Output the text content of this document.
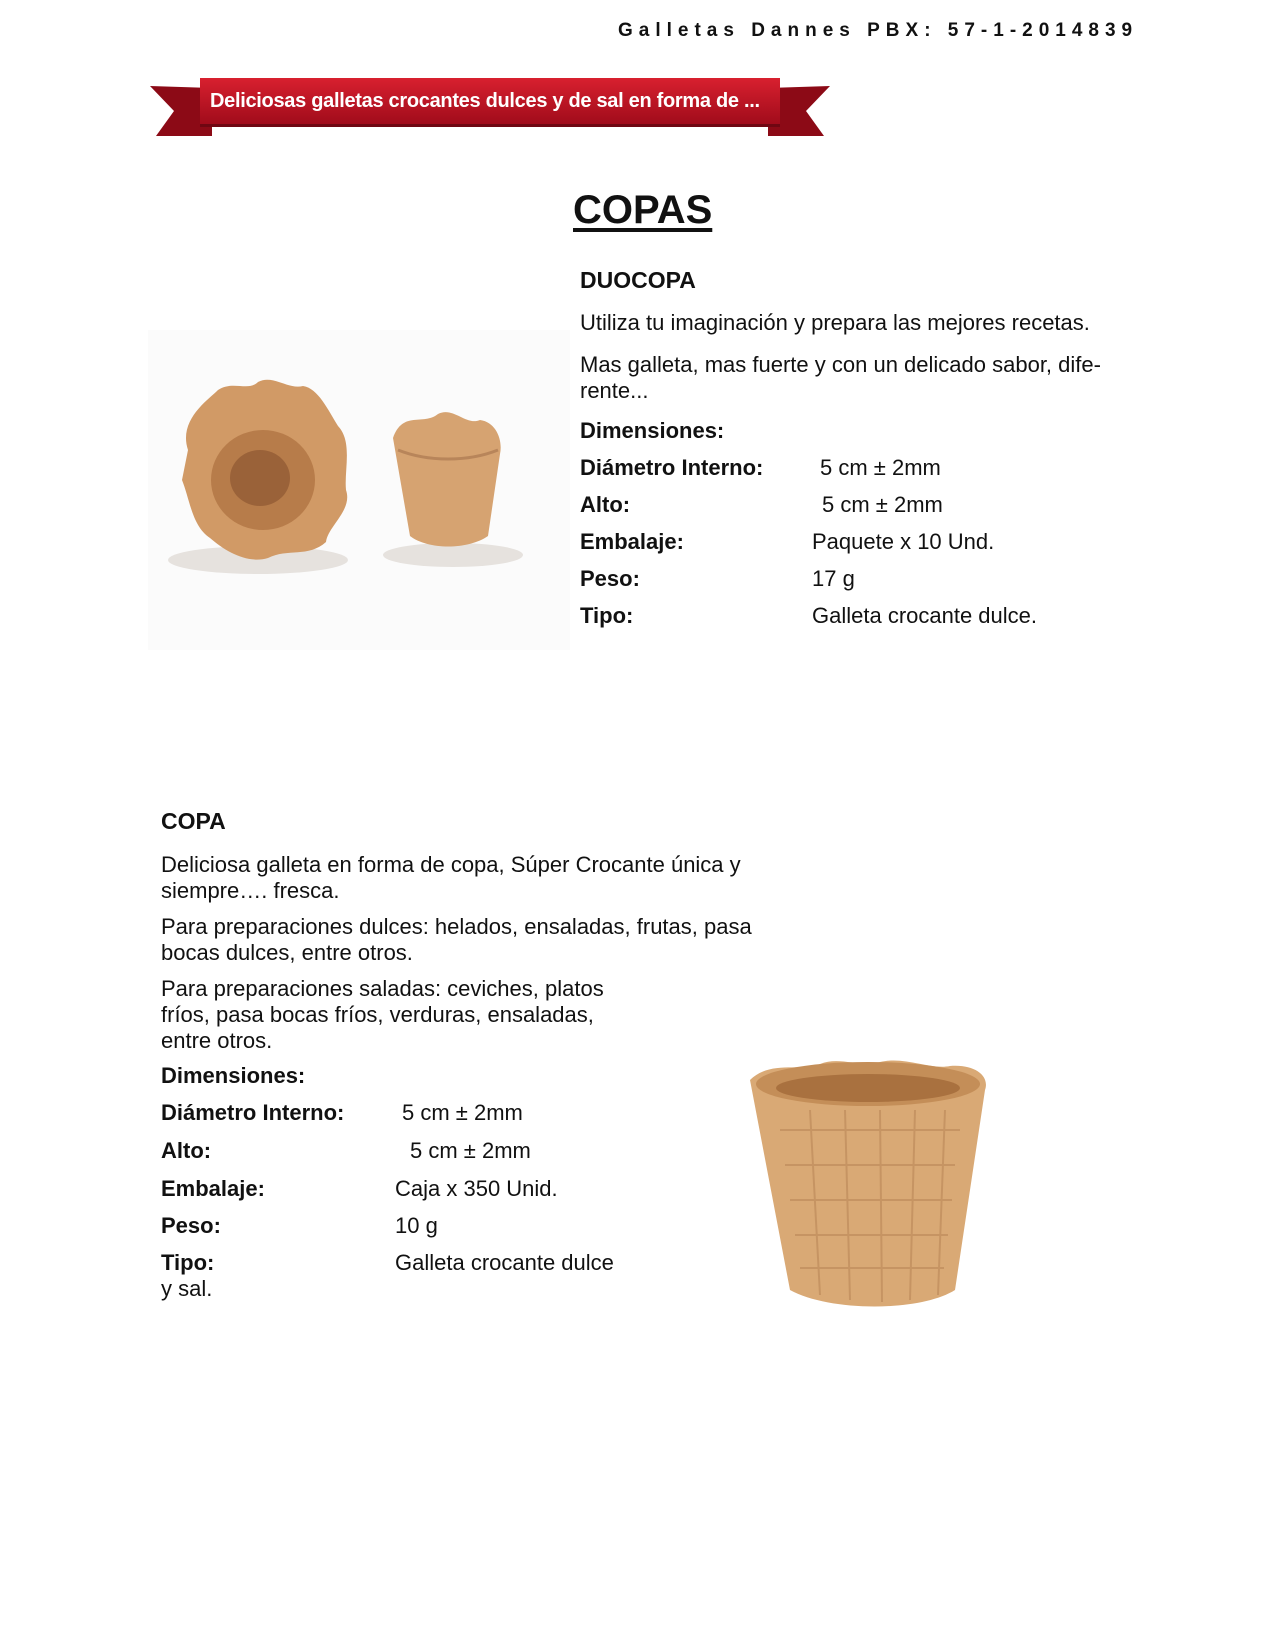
Galletas Dannes PBX: 57-1-2014839
Deliciosas galletas crocantes dulces y de sal en forma de ...
COPAS
DUOCOPA

Utiliza tu imaginación y prepara las mejores recetas.

Mas galleta, mas fuerte y con un delicado sabor, dife-

rente...

Dimensiones:
Diámetro Interno:	5 cm ± 2mm
Alto:	5 cm ± 2mm
Embalaje:	Paquete x 10 Und.
Peso:	17 g
Tipo:	Galleta crocante dulce.
COPA

Deliciosa galleta en forma de copa, Súper Crocante única y

siempre…. fresca.

Para preparaciones dulces: helados, ensaladas, frutas, pasa

bocas dulces, entre otros.

Para preparaciones saladas: ceviches, platos

fríos, pasa bocas fríos, verduras, ensaladas,

entre otros.

Dimensiones:
Diámetro Interno:	5 cm ± 2mm
Alto:	5 cm ± 2mm
Embalaje:	Caja x 350 Unid.
Peso:	10 g
Tipo:	Galleta crocante dulce
y sal.
